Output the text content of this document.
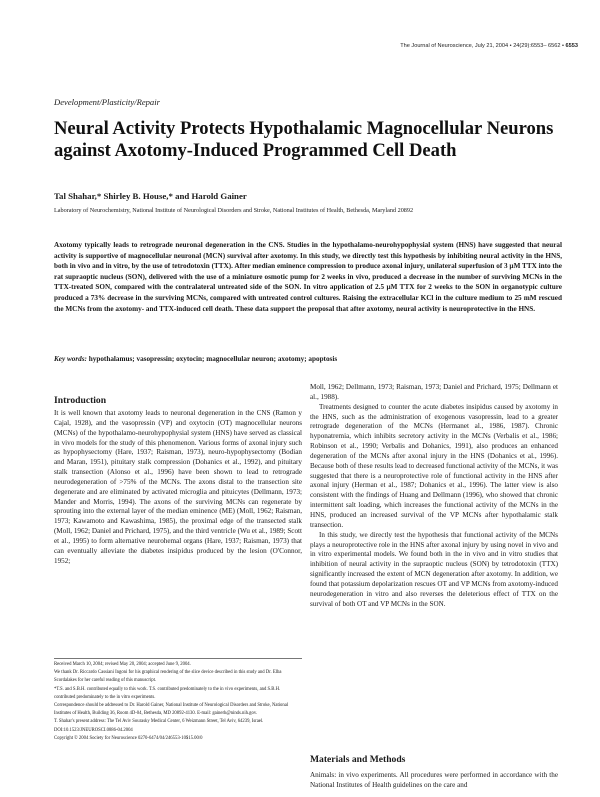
The Journal of Neuroscience, July 21, 2004 • 24(29):6553– 6562 • 6553
Development/Plasticity/Repair
Neural Activity Protects Hypothalamic Magnocellular Neurons against Axotomy-Induced Programmed Cell Death
Tal Shahar,* Shirley B. House,* and Harold Gainer
Laboratory of Neurochemistry, National Institute of Neurological Disorders and Stroke, National Institutes of Health, Bethesda, Maryland 20892

Axotomy typically leads to retrograde neuronal degeneration in the CNS. Studies in the hypothalamo-neurohypophysial system (HNS) have suggested that neural activity is supportive of magnocellular neuronal (MCN) survival after axotomy. In this study, we directly test this hypothesis by inhibiting neural activity in the HNS, both in vivo and in vitro, by the use of tetrodotoxin (TTX). After median eminence compression to produce axonal injury, unilateral superfusion of 3 µM TTX into the rat supraoptic nucleus (SON), delivered with the use of a miniature osmotic pump for 2 weeks in vivo, produced a decrease in the number of surviving MCNs in the TTX-treated SON, compared with the contralateral untreated side of the SON. In vitro application of 2.5 µM TTX for 2 weeks to the SON in organotypic culture produced a 73% decrease in the surviving MCNs, compared with untreated control cultures. Raising the extracellular KCl in the culture medium to 25 mM rescued the MCNs from the axotomy- and TTX-induced cell death. These data support the proposal that after axotomy, neural activity is neuroprotective in the HNS.

Key words: hypothalamus; vasopressin; oxytocin; magnocellular neuron; axotomy; apoptosis
Introduction

It is well known that axotomy leads to neuronal degeneration in the CNS (Ramon y Cajal, 1928), and the vasopressin (VP) and oxytocin (OT) magnocellular neurons (MCNs) of the hypothalamo-neurohypophysial system (HNS) have served as classical in vivo models for the study of this phenomenon. Various forms of axonal injury such as hypophysectomy (Hare, 1937; Raisman, 1973), neuro-hypophysectomy (Bodian and Maran, 1951), pituitary stalk compression (Dohanics et al., 1992), and pituitary stalk transection (Alonso et al., 1996) have been shown to lead to retrograde neurodegeneration of >75% of the MCNs. The axons distal to the transection site degenerate and are eliminated by activated microglia and pituicytes (Dellmann, 1973; Mander and Morris, 1994). The axons of the surviving MCNs can regenerate by sprouting into the external layer of the median eminence (ME) (Moll, 1962; Raisman, 1973; Kawamoto and Kawashima, 1985), the proximal edge of the transected stalk (Moll, 1962; Daniel and Prichard, 1975), and the third ventricle (Wu et al., 1989; Scott et al., 1995) to form alternative neurohemal organs (Hare, 1937; Raisman, 1973) that can eventually alleviate the diabetes insipidus produced by the lesion (O'Connor, 1952;

Received March 10, 2004; revised May 20, 2004; accepted June 9, 2004.
We thank Dr. Riccardo Cassiani Ingoni for his graphical rendering of the slice device described in this study and Dr. Elba Scordalakes for her careful reading of this manuscript.
*T.S. and S.B.H. contributed equally to this work. T.S. contributed predominately to the in vivo experiments, and S.B.H. contributed predominately to the in vitro experiments.
Correspondence should be addressed to Dr. Harold Gainer, National Institute of Neurological Disorders and Stroke, National Institutes of Health, Building 36, Room 4D-04, Bethesda, MD 20892-4130. E-mail: gainerh@ninds.nih.gov.
T. Shahar's present address: The Tel Aviv Sourasky Medical Center, 6 Weizmann Street, Tel Aviv, 64239, Israel.
DOI:10.1523/JNEUROSCI.0886-04.2004
Copyright © 2004 Society for Neuroscience 0270-6474/04/246553-10$15.00/0

Moll, 1962; Dellmann, 1973; Raisman, 1973; Daniel and Prichard, 1975; Dellmann et al., 1988).

Treatments designed to counter the acute diabetes insipidus caused by axotomy in the HNS, such as the administration of exogenous vasopressin, lead to a greater retrograde degeneration of the MCNs (Hermanet al., 1986, 1987). Chronic hyponatremia, which inhibits secretory activity in the MCNs (Verbalis et al., 1986; Robinson et al., 1990; Verbalis and Dohanics, 1991), also produces an enhanced degeneration of the MCNs after axonal injury in the HNS (Dohanics et al., 1996). Because both of these results lead to decreased functional activity of the MCNs, it was suggested that there is a neuroprotective role of functional activity in the HNS after axonal injury (Herman et al., 1987; Dohanics et al., 1996). The latter view is also consistent with the findings of Huang and Dellmann (1996), who showed that chronic intermittent salt loading, which increases the functional activity of the MCNs in the HNS, produced an increased survival of the VP MCNs after hypothalamic stalk transection.

In this study, we directly test the hypothesis that functional activity of the MCNs plays a neuroprotective role in the HNS after axonal injury by using novel in vivo and in vitro experimental models. We found both in the in vivo and in vitro studies that inhibition of neural activity in the supraoptic nucleus (SON) by tetrodotoxin (TTX) significantly increased the extent of MCN degeneration after axotomy. In addition, we found that potassium depolarization rescues OT and VP MCNs from axotomy-induced neurodegeneration in vitro and also reverses the deleterious effect of TTX on the survival of both OT and VP MCNs in the SON.

Materials and Methods

Animals: in vivo experiments. All procedures were performed in accordance with the National Institutes of Health guidelines on the care and
